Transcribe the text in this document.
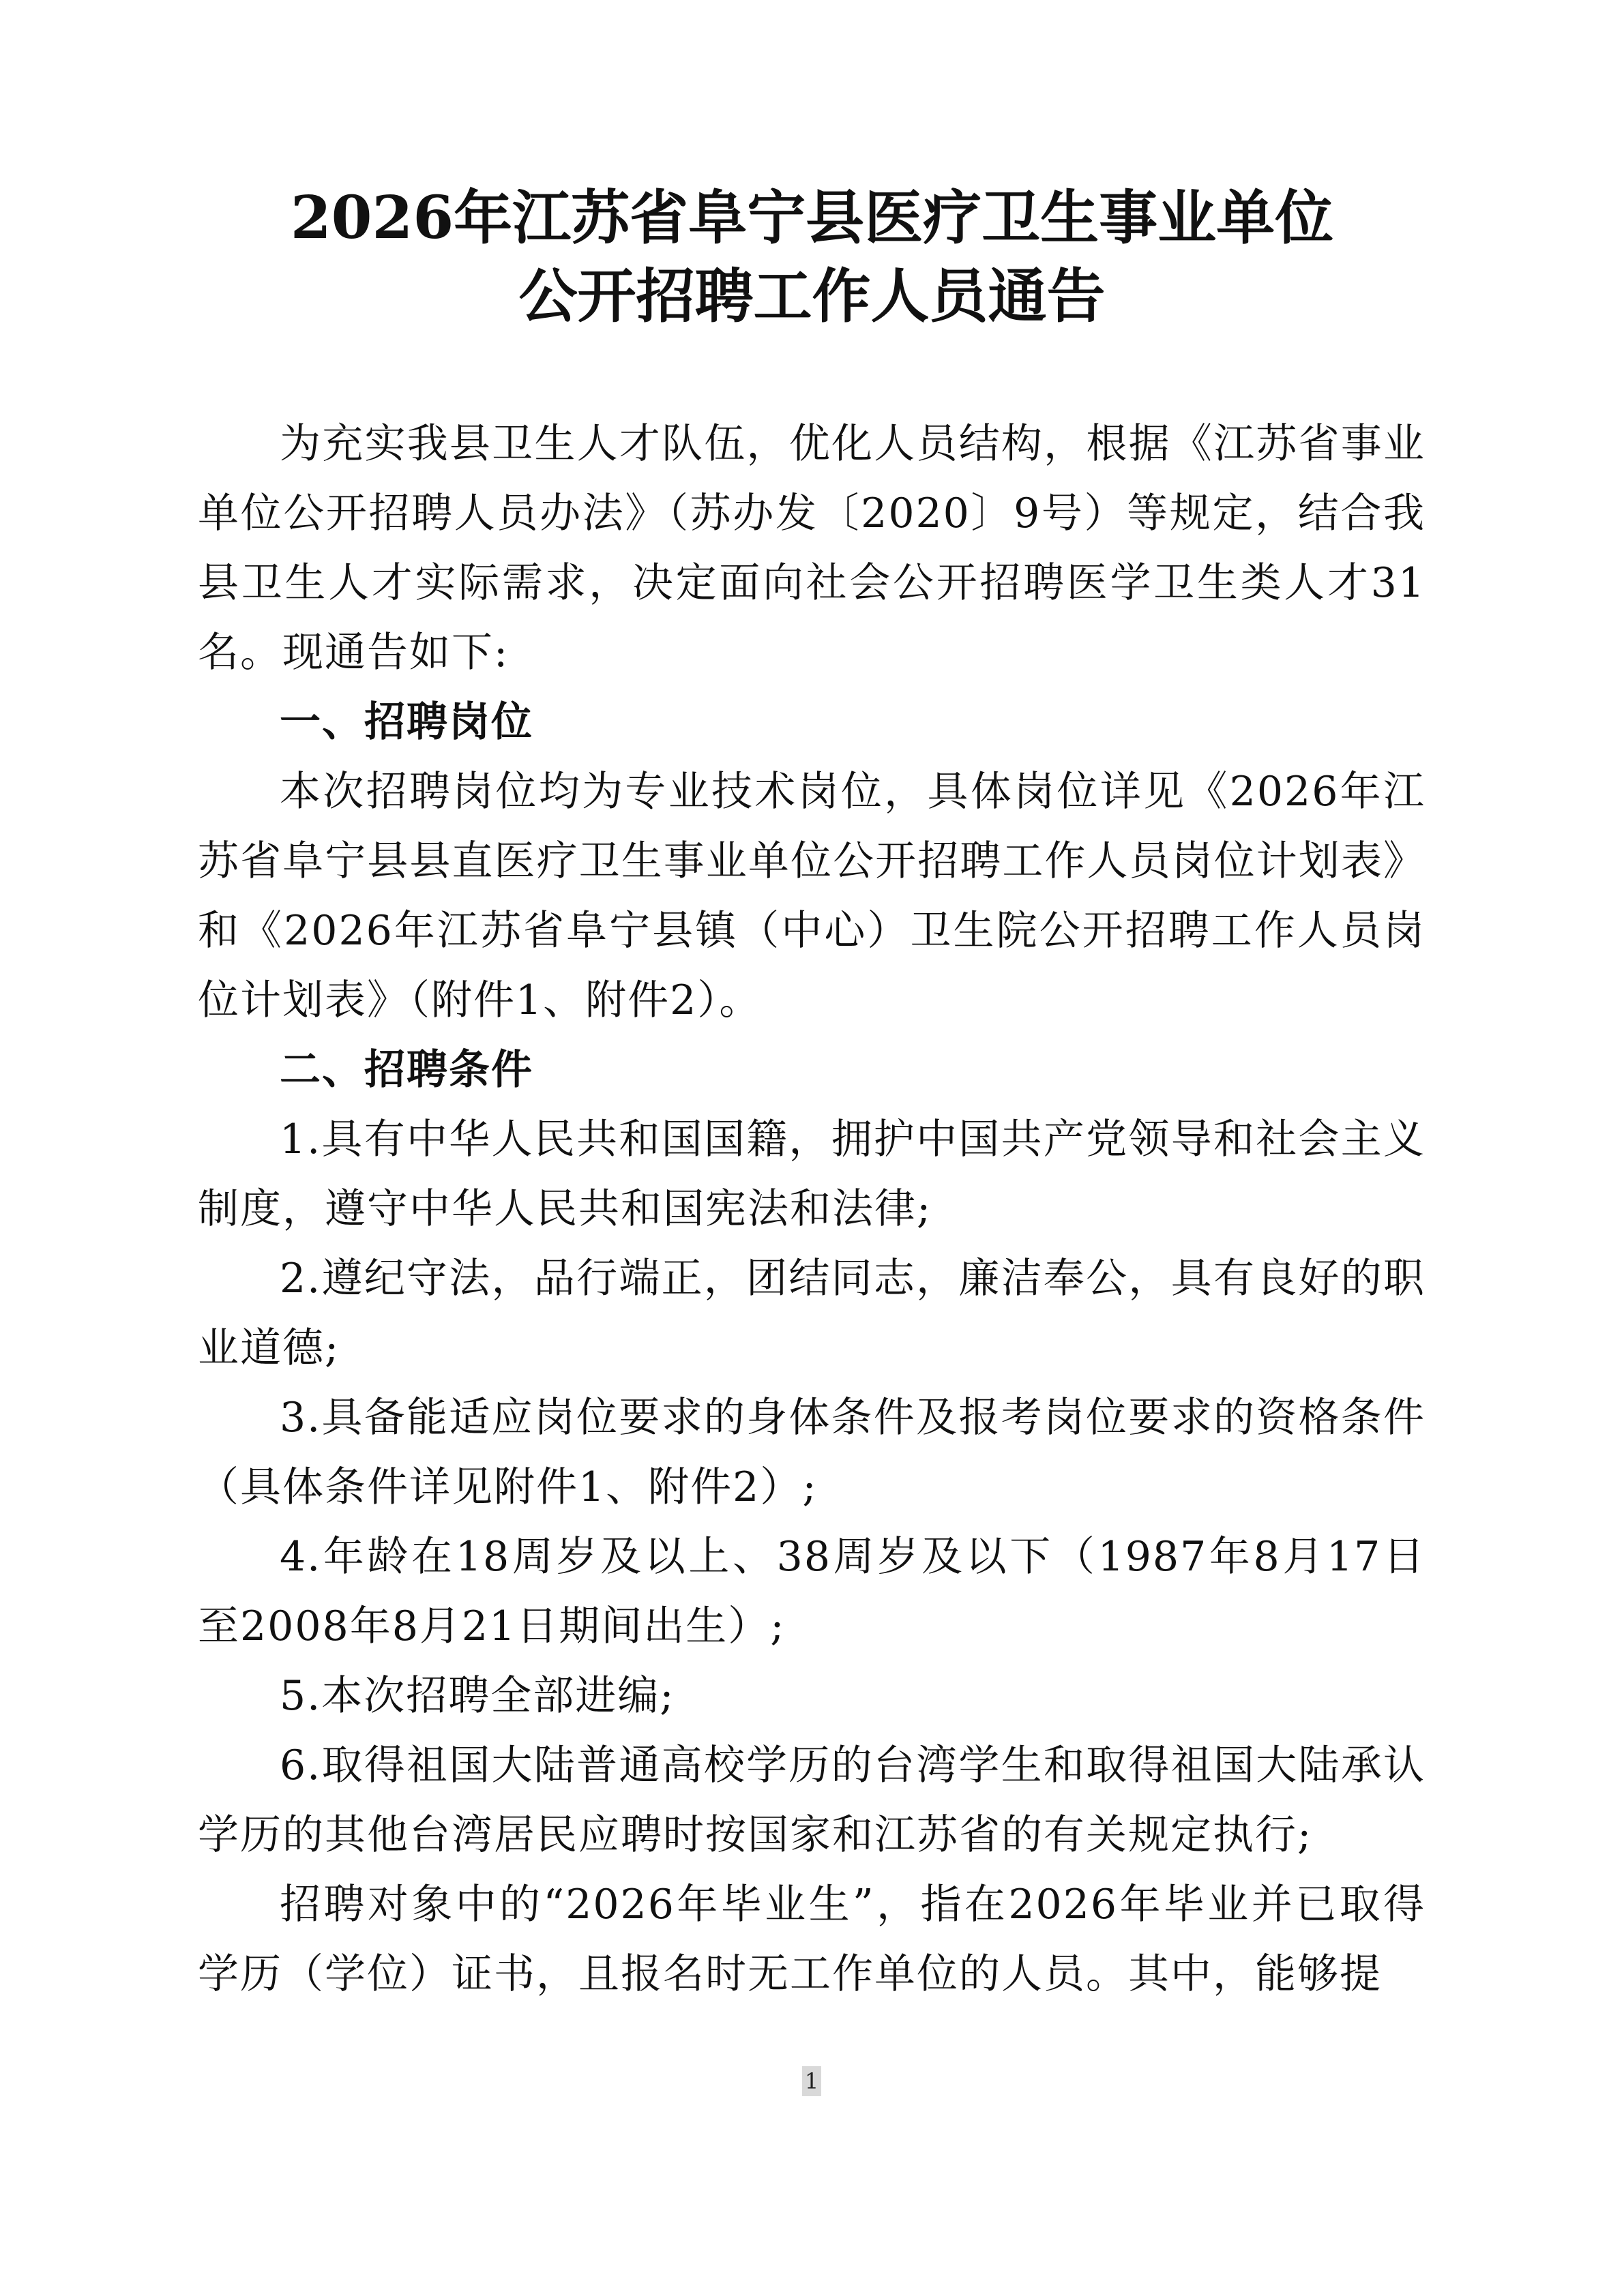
2026年江苏省阜宁县医疗卫生事业单位
公开招聘工作人员通告

为充实我县卫生人才队伍，优化人员结构，根据《江苏省事业单位公开招聘人员办法》（苏办发〔2020〕9号）等规定，结合我县卫生人才实际需求，决定面向社会公开招聘医学卫生类人才31名。现通告如下:

一、招聘岗位

本次招聘岗位均为专业技术岗位，具体岗位详见《2026年江苏省阜宁县县直医疗卫生事业单位公开招聘工作人员岗位计划表》和《2026年江苏省阜宁县镇（中心）卫生院公开招聘工作人员岗位计划表》（附件1、附件2）。

二、招聘条件

1.具有中华人民共和国国籍，拥护中国共产党领导和社会主义制度，遵守中华人民共和国宪法和法律;

2.遵纪守法，品行端正，团结同志，廉洁奉公，具有良好的职业道德;

3.具备能适应岗位要求的身体条件及报考岗位要求的资格条件（具体条件详见附件1、附件2）;

4.年龄在18周岁及以上、38周岁及以下（1987年8月17日至2008年8月21日期间出生）;

5.本次招聘全部进编;

6.取得祖国大陆普通高校学历的台湾学生和取得祖国大陆承认学历的其他台湾居民应聘时按国家和江苏省的有关规定执行;

招聘对象中的“2026年毕业生”，指在2026年毕业并已取得学历（学位）证书，且报名时无工作单位的人员。其中，能够提

1
